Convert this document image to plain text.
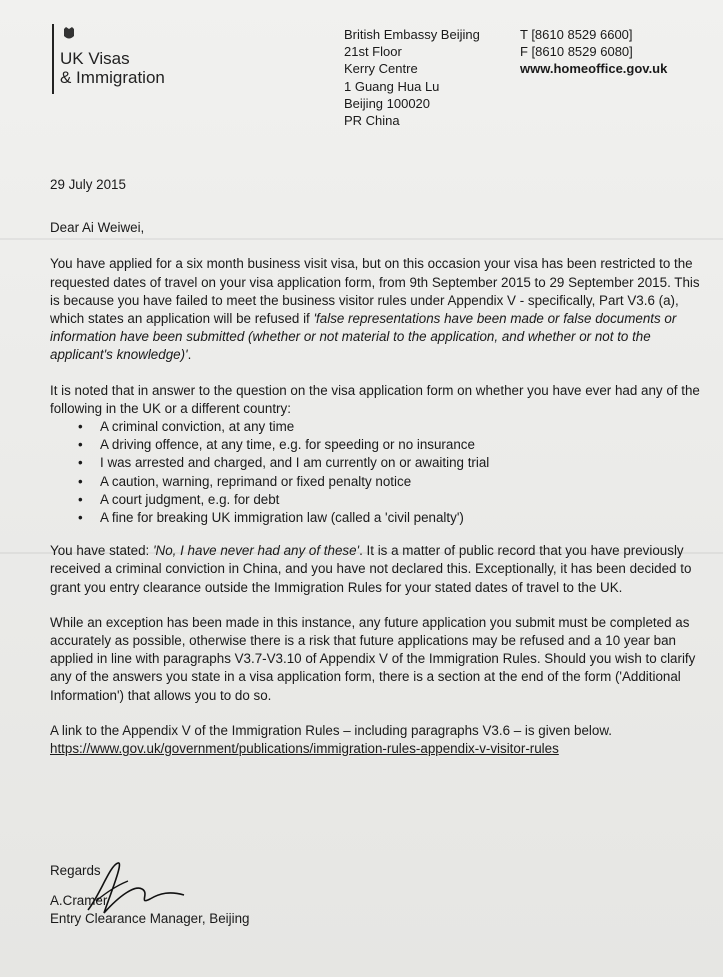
UK Visas
& Immigration
British Embassy Beijing
21st Floor
Kerry Centre
1 Guang Hua Lu
Beijing 100020
PR China
T [8610 8529 6600]
F [8610 8529 6080]
www.homeoffice.gov.uk

29 July 2015

Dear Ai Weiwei,

You have applied for a six month business visit visa, but on this occasion your visa has been restricted to the requested dates of travel on your visa application form, from 9th September 2015 to 29 September 2015. This is because you have failed to meet the business visitor rules under Appendix V - specifically, Part V3.6 (a), which states an application will be refused if 'false representations have been made or false documents or information have been submitted (whether or not material to the application, and whether or not to the applicant's knowledge)'.

It is noted that in answer to the question on the visa application form on whether you have ever had any of the following in the UK or a different country:

• A criminal conviction, at any time
• A driving offence, at any time, e.g. for speeding or no insurance
• I was arrested and charged, and I am currently on or awaiting trial
• A caution, warning, reprimand or fixed penalty notice
• A court judgment, e.g. for debt
• A fine for breaking UK immigration law (called a 'civil penalty')

You have stated: 'No, I have never had any of these'. It is a matter of public record that you have previously received a criminal conviction in China, and you have not declared this. Exceptionally, it has been decided to grant you entry clearance outside the Immigration Rules for your stated dates of travel to the UK.

While an exception has been made in this instance, any future application you submit must be completed as accurately as possible, otherwise there is a risk that future applications may be refused and a 10 year ban applied in line with paragraphs V3.7-V3.10 of Appendix V of the Immigration Rules. Should you wish to clarify any of the answers you state in a visa application form, there is a section at the end of the form ('Additional Information') that allows you to do so.

A link to the Appendix V of the Immigration Rules – including paragraphs V3.6 – is given below.

https://www.gov.uk/government/publications/immigration-rules-appendix-v-visitor-rules

Regards
A.Cramer
Entry Clearance Manager, Beijing
